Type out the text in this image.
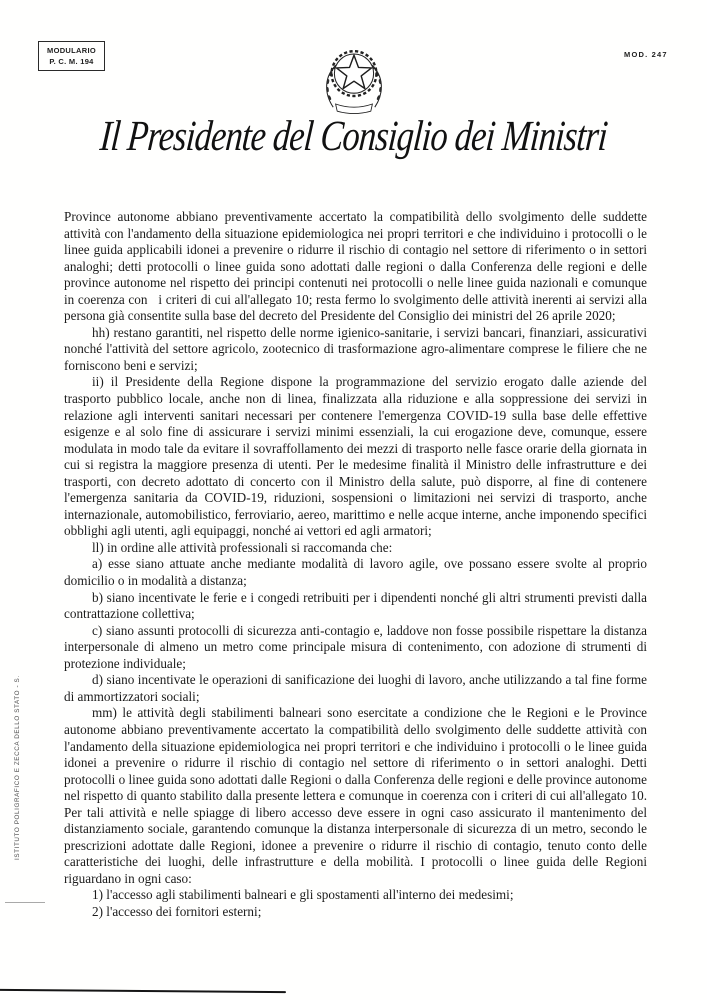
MODULARIO
P. C. M. 194
MOD. 247
Il Presidente del Consiglio dei Ministri

Province autonome abbiano preventivamente accertato la compatibilità dello svolgimento delle suddette attività con l'andamento della situazione epidemiologica nei propri territori e che individuino i protocolli o le linee guida applicabili idonei a prevenire o ridurre il rischio di contagio nel settore di riferimento o in settori analoghi; detti protocolli o linee guida sono adottati dalle regioni o dalla Conferenza delle regioni e delle province autonome nel rispetto dei principi contenuti nei protocolli o nelle linee guida nazionali e comunque in coerenza con   i criteri di cui all'allegato 10; resta fermo lo svolgimento delle attività inerenti ai servizi alla persona già consentite sulla base del decreto del Presidente del Consiglio dei ministri del 26 aprile 2020;

hh) restano garantiti, nel rispetto delle norme igienico-sanitarie, i servizi bancari, finanziari, assicurativi nonché l'attività del settore agricolo, zootecnico di trasformazione agro-alimentare comprese le filiere che ne forniscono beni e servizi;

ii) il Presidente della Regione dispone la programmazione del servizio erogato dalle aziende del trasporto pubblico locale, anche non di linea, finalizzata alla riduzione e alla soppressione dei servizi in relazione agli interventi sanitari necessari per contenere l'emergenza COVID-19 sulla base delle effettive esigenze e al solo fine di assicurare i servizi minimi essenziali, la cui erogazione deve, comunque, essere modulata in modo tale da evitare il sovraffollamento dei mezzi di trasporto nelle fasce orarie della giornata in cui si registra la maggiore presenza di utenti. Per le medesime finalità il Ministro delle infrastrutture e dei trasporti, con decreto adottato di concerto con il Ministro della salute, può disporre, al fine di contenere l'emergenza sanitaria da COVID-19, riduzioni, sospensioni o limitazioni nei servizi di trasporto, anche internazionale, automobilistico, ferroviario, aereo, marittimo e nelle acque interne, anche imponendo specifici obblighi agli utenti, agli equipaggi, nonché ai vettori ed agli armatori;

ll) in ordine alle attività professionali si raccomanda che:

a) esse siano attuate anche mediante modalità di lavoro agile, ove possano essere svolte al proprio domicilio o in modalità a distanza;

b) siano incentivate le ferie e i congedi retribuiti per i dipendenti nonché gli altri strumenti previsti dalla contrattazione collettiva;

c) siano assunti protocolli di sicurezza anti-contagio e, laddove non fosse possibile rispettare la distanza interpersonale di almeno un metro come principale misura di contenimento, con adozione di strumenti di protezione individuale;

d) siano incentivate le operazioni di sanificazione dei luoghi di lavoro, anche utilizzando a tal fine forme di ammortizzatori sociali;

mm) le attività degli stabilimenti balneari sono esercitate a condizione che le Regioni e le Province autonome abbiano preventivamente accertato la compatibilità dello svolgimento delle suddette attività con l'andamento della situazione epidemiologica nei propri territori e che individuino i protocolli o le linee guida idonei a prevenire o ridurre il rischio di contagio nel settore di riferimento o in settori analoghi. Detti protocolli o linee guida sono adottati dalle Regioni o dalla Conferenza delle regioni e delle province autonome nel rispetto di quanto stabilito dalla presente lettera e comunque in coerenza con i criteri di cui all'allegato 10. Per tali attività e nelle spiagge di libero accesso deve essere in ogni caso assicurato il mantenimento del distanziamento sociale, garantendo comunque la distanza interpersonale di sicurezza di un metro, secondo le prescrizioni adottate dalle Regioni, idonee a prevenire o ridurre il rischio di contagio, tenuto conto delle caratteristiche dei luoghi, delle infrastrutture e della mobilità. I protocolli o linee guida delle Regioni riguardano in ogni caso:

1) l'accesso agli stabilimenti balneari e gli spostamenti all'interno dei medesimi;

2) l'accesso dei fornitori esterni;

ISTITUTO POLIGRAFICO E ZECCA DELLO STATO - S.
